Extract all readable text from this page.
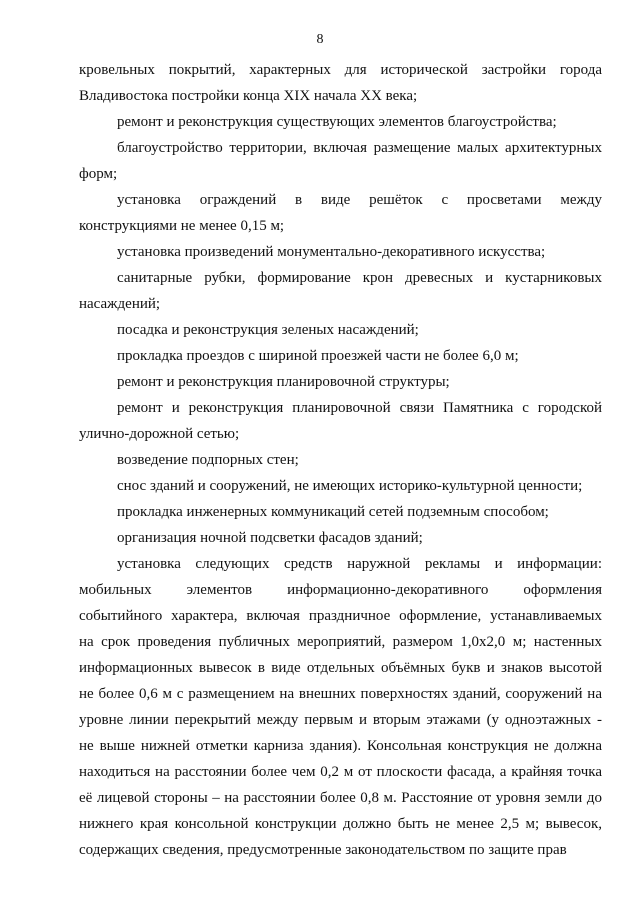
8

кровельных покрытий, характерных для исторической застройки города
Владивостока постройки конца XIX начала XX века;

ремонт и реконструкция существующих элементов благоустройства;

благоустройство территории, включая размещение малых архитектурных
форм;

установка ограждений в виде решёток с просветами между
конструкциями не менее 0,15 м;

установка произведений монументально-декоративного искусства;

санитарные рубки, формирование крон древесных и кустарниковых
насаждений;

посадка и реконструкция зеленых насаждений;

прокладка проездов с шириной проезжей части не более 6,0 м;

ремонт и реконструкция планировочной структуры;

ремонт и реконструкция планировочной связи Памятника с городской
улично-дорожной сетью;

возведение подпорных стен;

снос зданий и сооружений, не имеющих историко-культурной ценности;

прокладка инженерных коммуникаций сетей подземным способом;

организация ночной подсветки фасадов зданий;

установка следующих средств наружной рекламы и информации:
мобильных элементов информационно-декоративного оформления
событийного характера, включая праздничное оформление, устанавливаемых
на срок проведения публичных мероприятий, размером 1,0х2,0 м; настенных
информационных вывесок в виде отдельных объёмных букв и знаков высотой
не более 0,6 м с размещением на внешних поверхностях зданий, сооружений на
уровне линии перекрытий между первым и вторым этажами (у одноэтажных -
не выше нижней отметки карниза здания). Консольная конструкция не должна
находиться на расстоянии более чем 0,2 м от плоскости фасада, а крайняя точка
её лицевой стороны – на расстоянии более 0,8 м. Расстояние от уровня земли до
нижнего края консольной конструкции должно быть не менее 2,5 м; вывесок,
содержащих сведения, предусмотренные законодательством по защите прав
